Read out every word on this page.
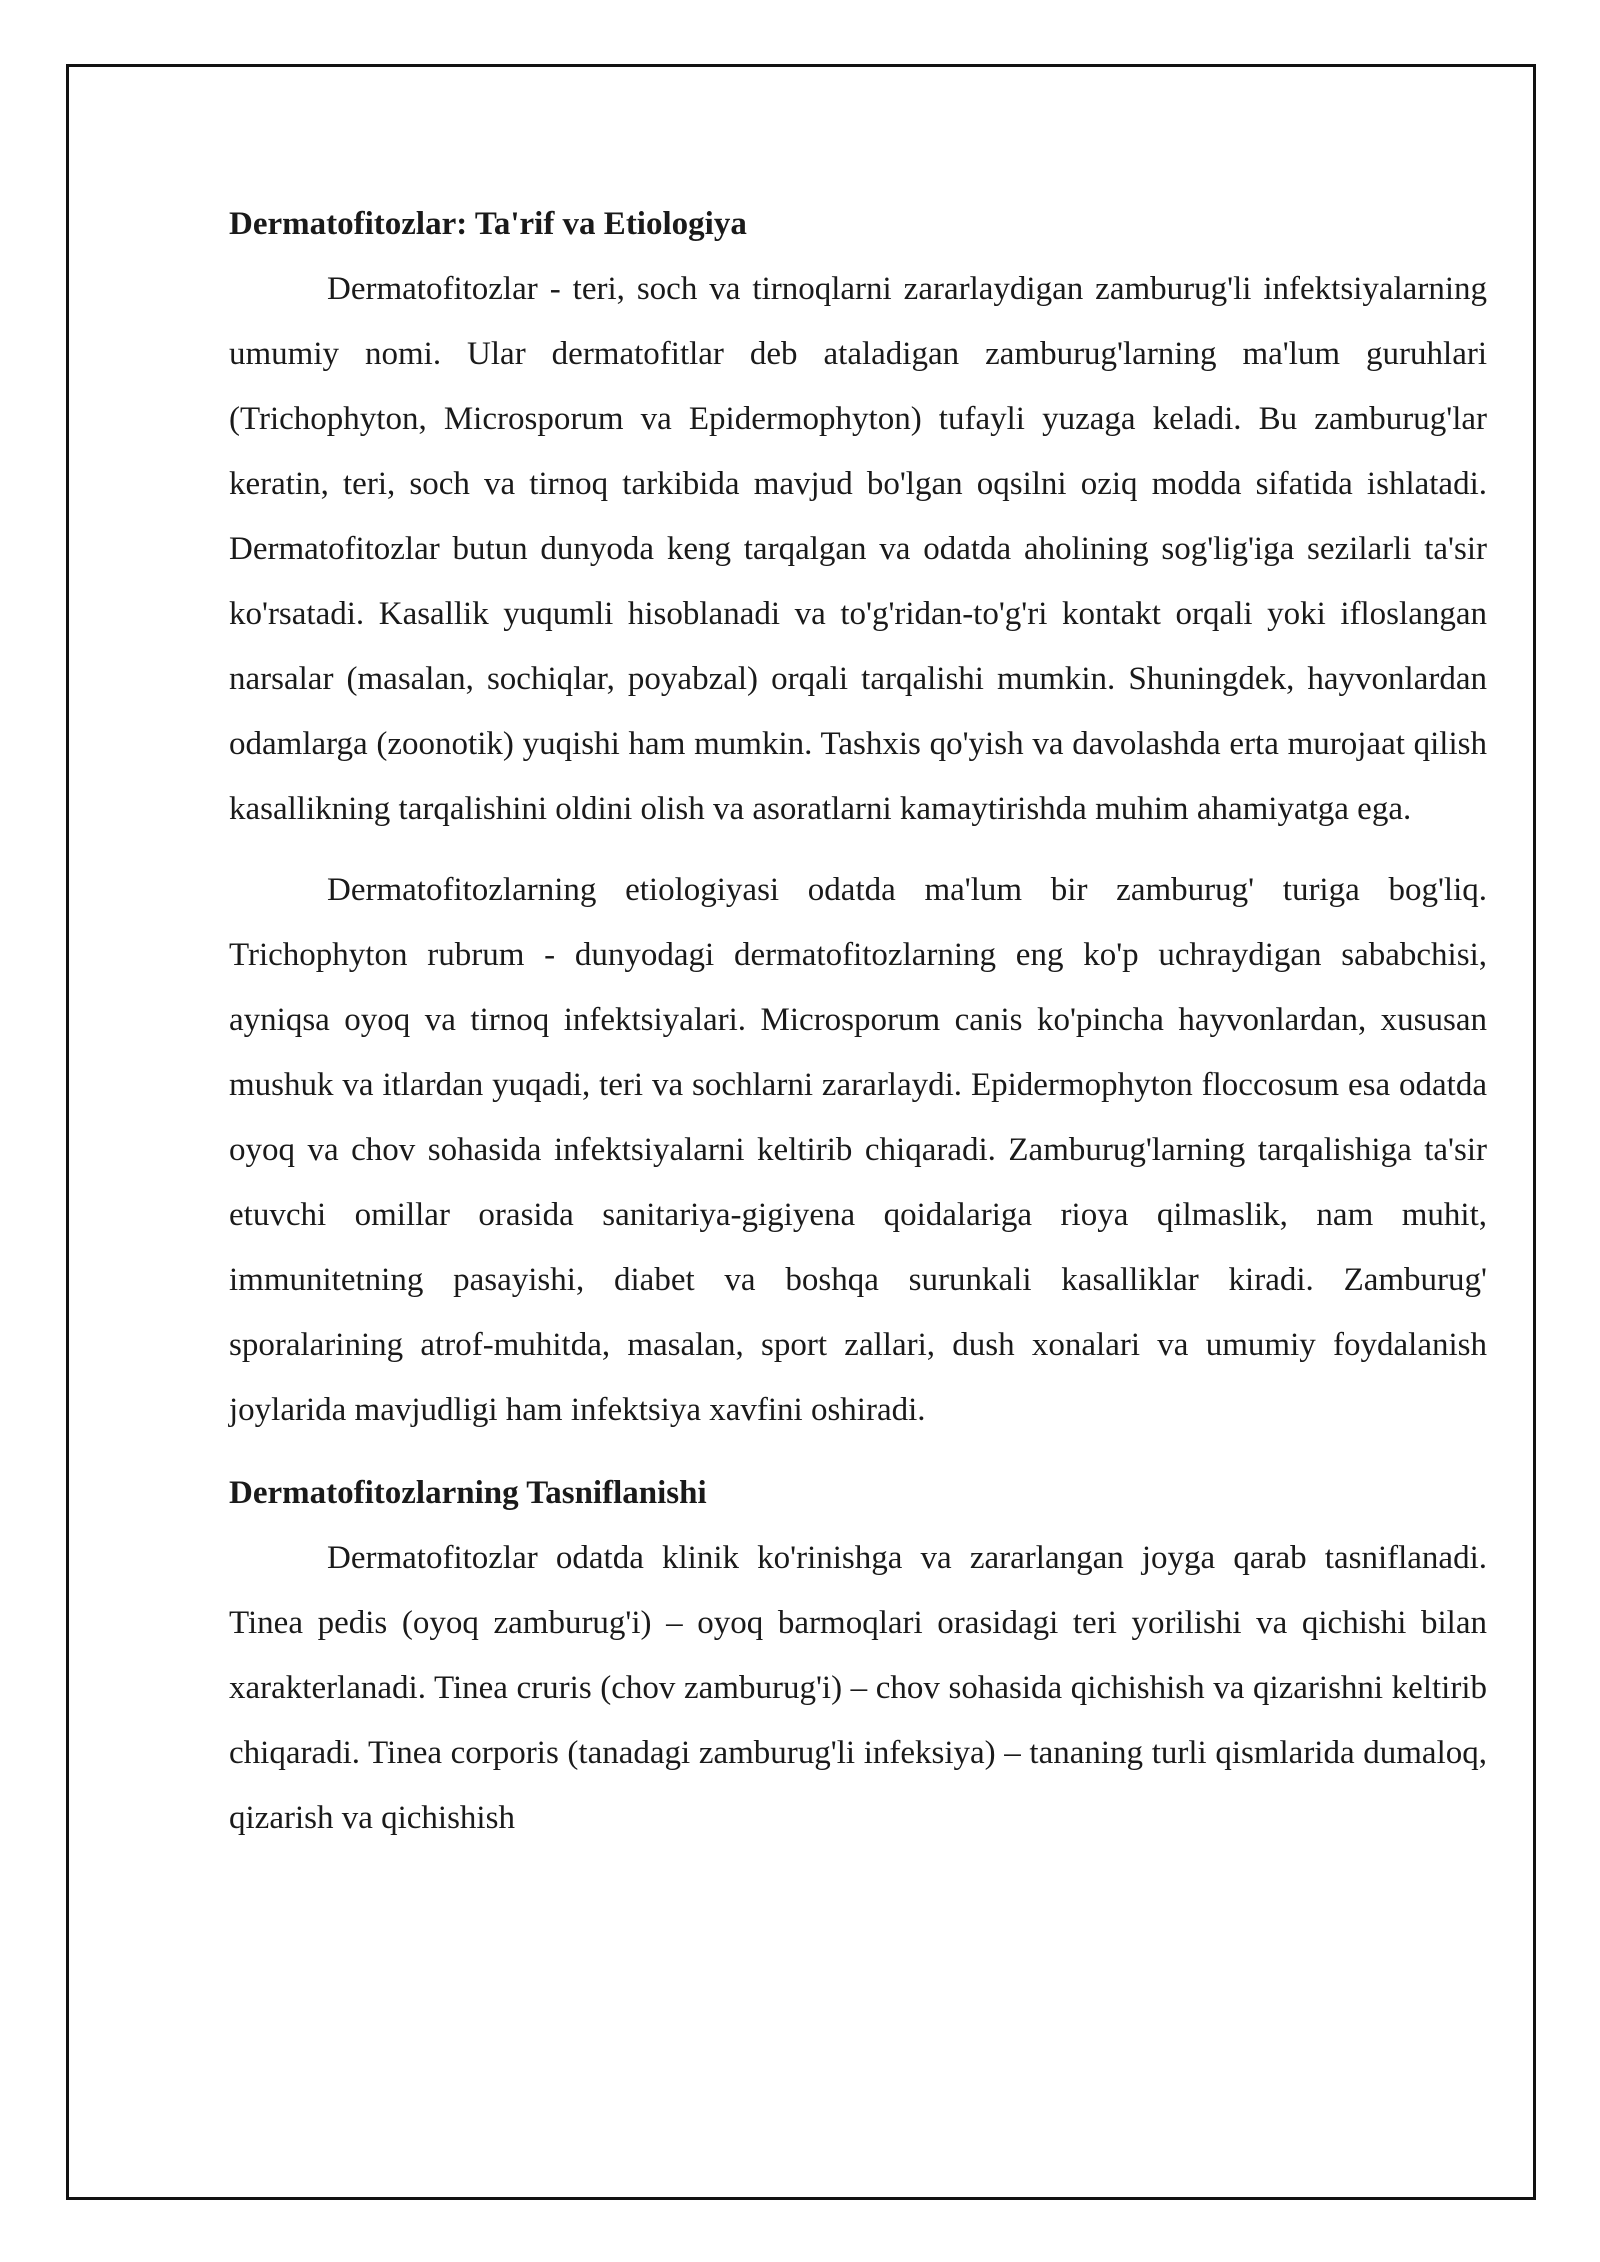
Dermatofitozlar: Ta'rif va Etiologiya

Dermatofitozlar - teri, soch va tirnoqlarni zararlaydigan zamburug'li infektsiyalarning umumiy nomi. Ular dermatofitlar deb ataladigan zamburug'larning ma'lum guruhlari (Trichophyton, Microsporum va Epidermophyton) tufayli yuzaga keladi. Bu zamburug'lar keratin, teri, soch va tirnoq tarkibida mavjud bo'lgan oqsilni oziq modda sifatida ishlatadi. Dermatofitozlar butun dunyoda keng tarqalgan va odatda aholining sog'lig'iga sezilarli ta'sir ko'rsatadi. Kasallik yuqumli hisoblanadi va to'g'ridan-to'g'ri kontakt orqali yoki ifloslangan narsalar (masalan, sochiqlar, poyabzal) orqali tarqalishi mumkin. Shuningdek, hayvonlardan odamlarga (zoonotik) yuqishi ham mumkin. Tashxis qo'yish va davolashda erta murojaat qilish kasallikning tarqalishini oldini olish va asoratlarni kamaytirishda muhim ahamiyatga ega.

Dermatofitozlarning etiologiyasi odatda ma'lum bir zamburug' turiga bog'liq. Trichophyton rubrum - dunyodagi dermatofitozlarning eng ko'p uchraydigan sababchisi, ayniqsa oyoq va tirnoq infektsiyalari. Microsporum canis ko'pincha hayvonlardan, xususan mushuk va itlardan yuqadi, teri va sochlarni zararlaydi. Epidermophyton floccosum esa odatda oyoq va chov sohasida infektsiyalarni keltirib chiqaradi. Zamburug'larning tarqalishiga ta'sir etuvchi omillar orasida sanitariya-gigiyena qoidalariga rioya qilmaslik, nam muhit, immunitetning pasayishi, diabet va boshqa surunkali kasalliklar kiradi. Zamburug' sporalarining atrof-muhitda, masalan, sport zallari, dush xonalari va umumiy foydalanish joylarida mavjudligi ham infektsiya xavfini oshiradi.

Dermatofitozlarning Tasniflanishi

Dermatofitozlar odatda klinik ko'rinishga va zararlangan joyga qarab tasniflanadi. Tinea pedis (oyoq zamburug'i) – oyoq barmoqlari orasidagi teri yorilishi va qichishi bilan xarakterlanadi. Tinea cruris (chov zamburug'i) – chov sohasida qichishish va qizarishni keltirib chiqaradi. Tinea corporis (tanadagi zamburug'li infeksiya) – tananing turli qismlarida dumaloq, qizarish va qichishish
